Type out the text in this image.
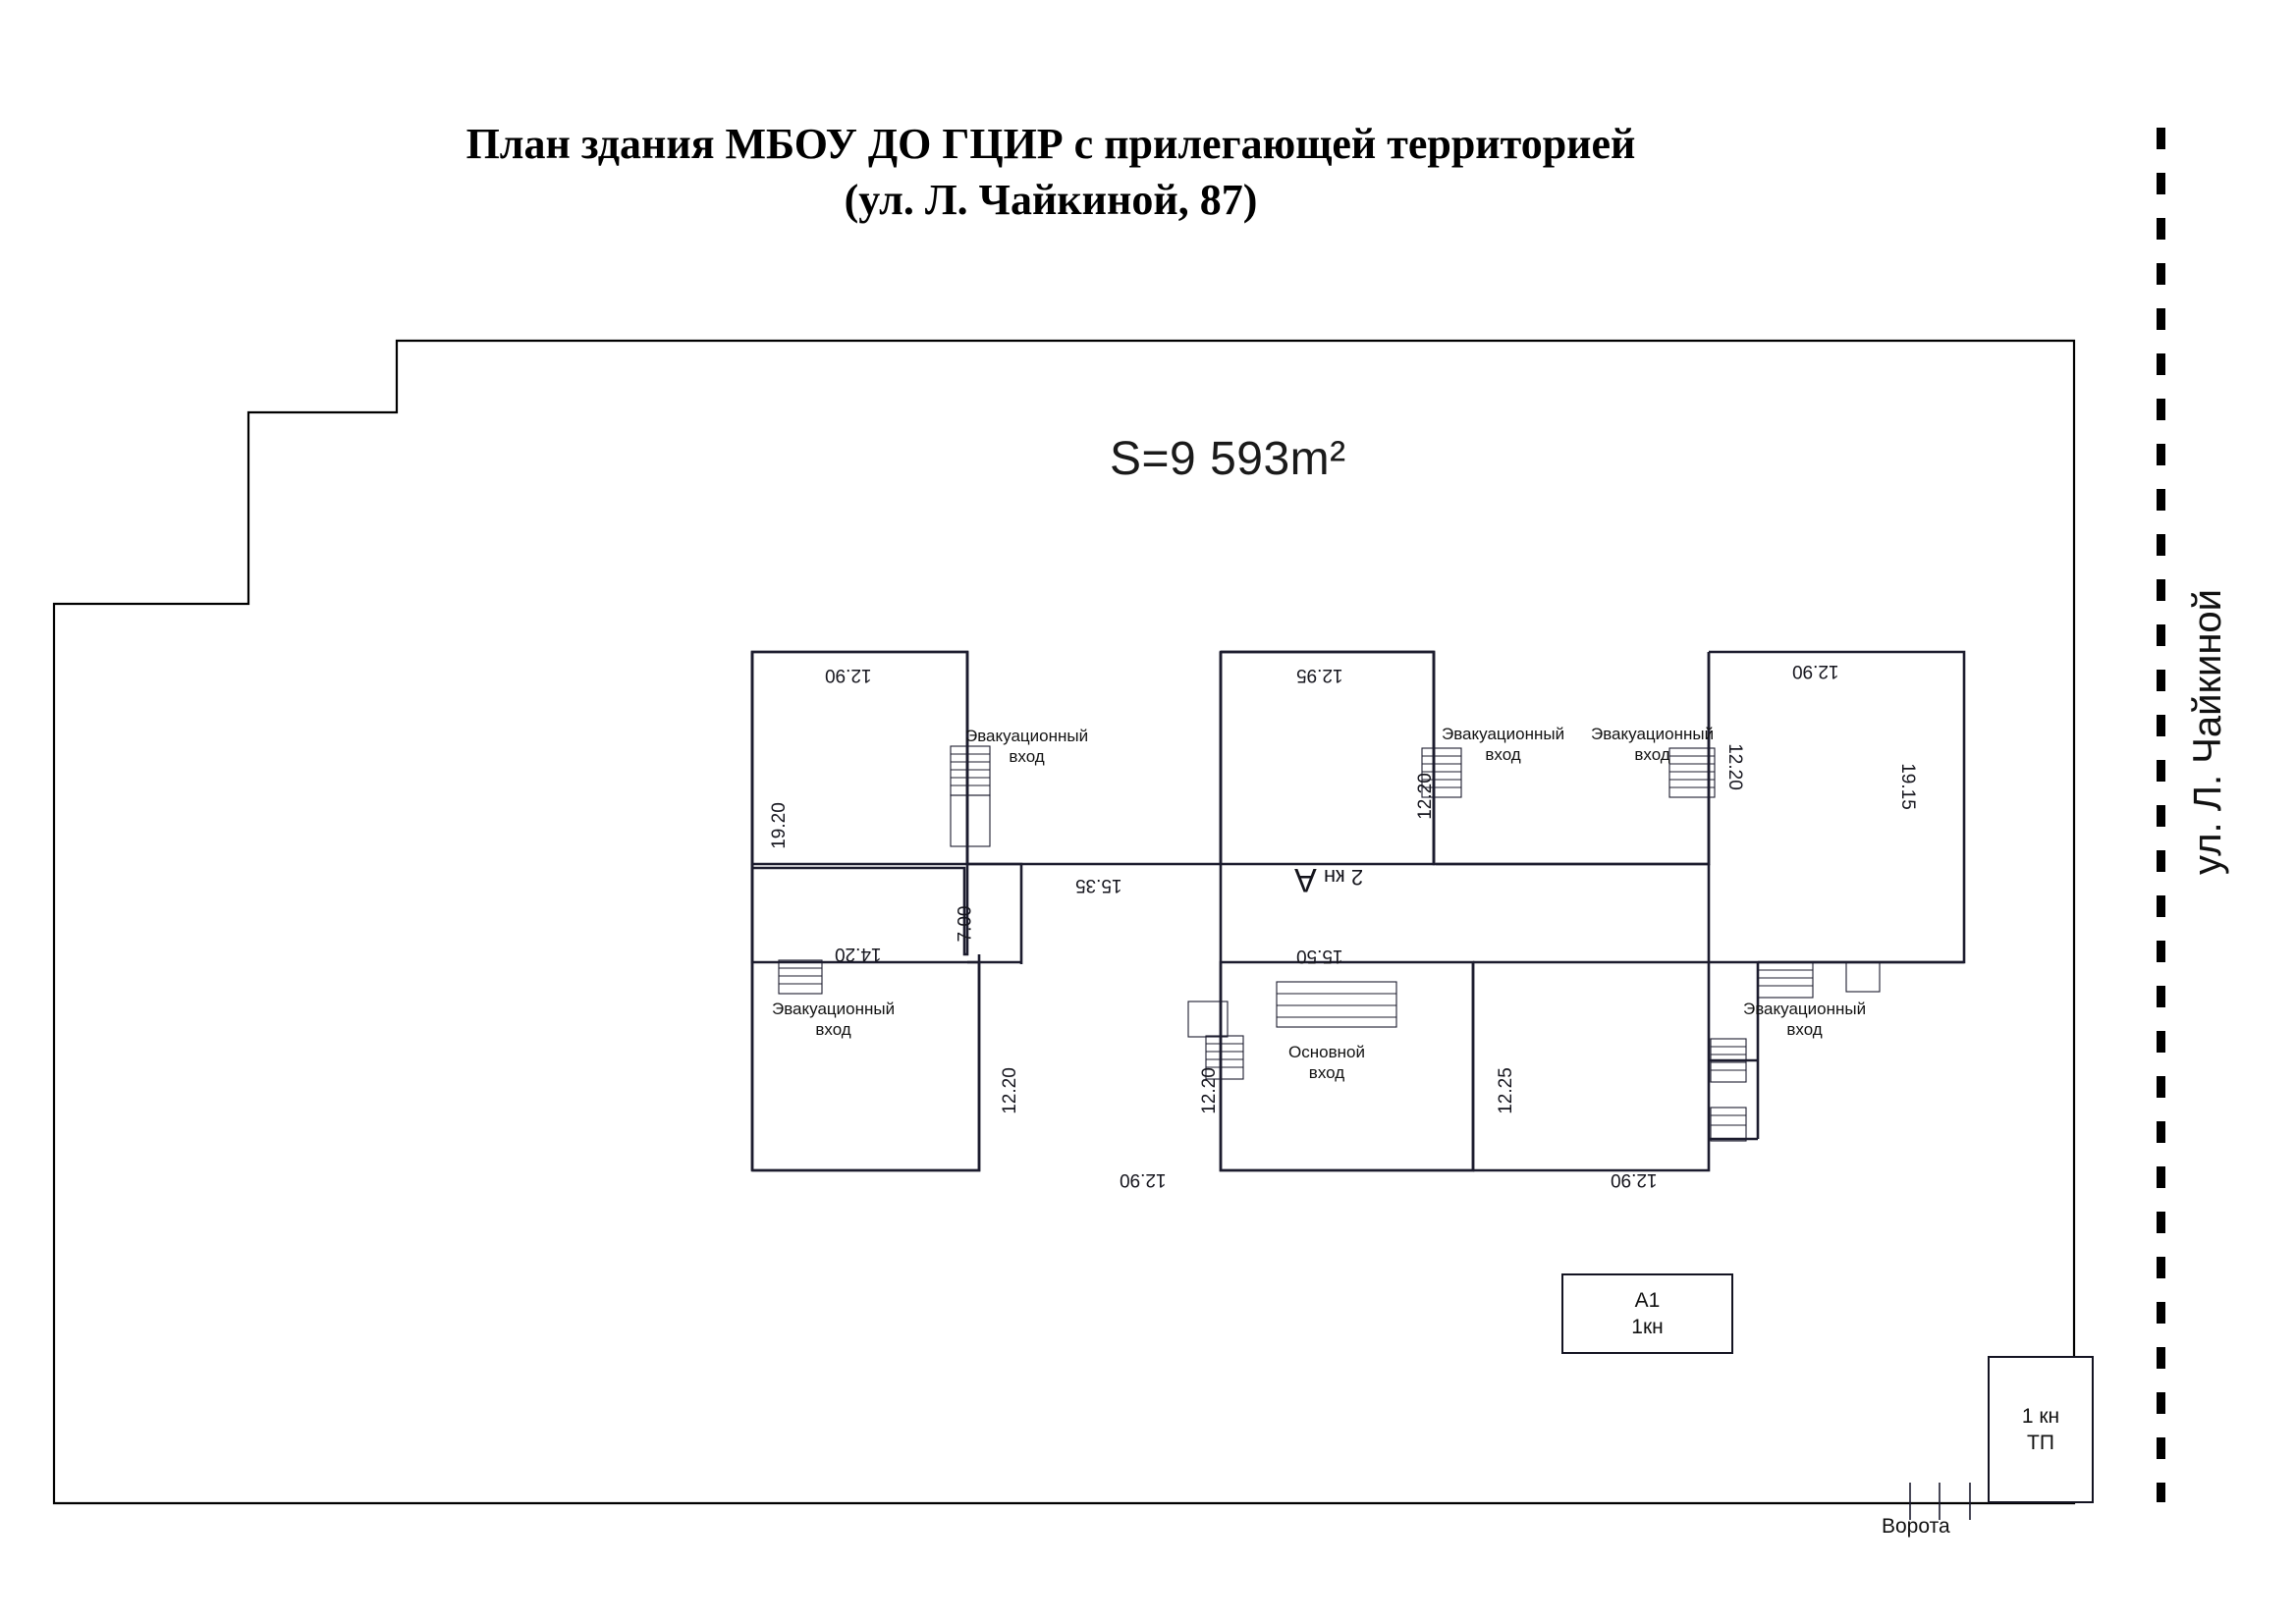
План здания МБОУ ДО ГЦИР с прилегающей территорией
(ул. Л. Чайкиной, 87)
S=9 593m²
12.90	12.95	12.90
19.20
19.15
12.20
12.20
15.35
7.00
14.20	15.50
12.20	12.20	12.25
12.90	12.90
Эвакуационный
вход
Эвакуационный
вход
Эвакуационный
вход
Эвакуационный
вход
Эвакуационный
вход
Основной
вход
А 2 кн
А1
1кн
1 кн
ТП
Ворота
ул. Л. Чайкиной
